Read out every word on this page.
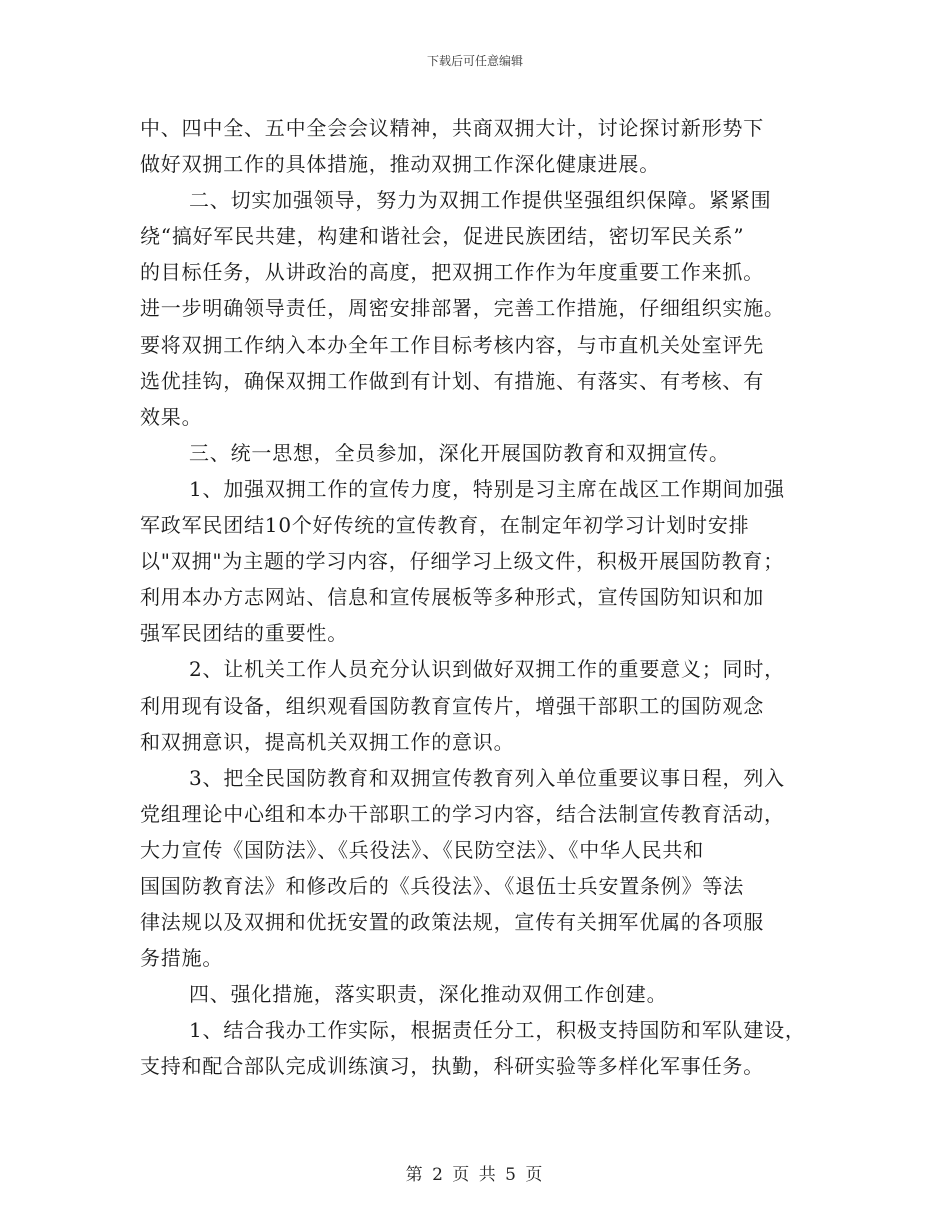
下载后可任意编辑
中、四中全、五中全会会议精神，共商双拥大计，讨论探讨新形势下
做好双拥工作的具体措施，推动双拥工作深化健康进展。
二、切实加强领导，努力为双拥工作提供坚强组织保障。紧紧围
绕“搞好军民共建，构建和谐社会，促进民族团结，密切军民关系”
的目标任务，从讲政治的高度，把双拥工作作为年度重要工作来抓。
进一步明确领导责任，周密安排部署，完善工作措施，仔细组织实施。
要将双拥工作纳入本办全年工作目标考核内容，与市直机关处室评先
选优挂钩，确保双拥工作做到有计划、有措施、有落实、有考核、有
效果。
三、统一思想，全员参加，深化开展国防教育和双拥宣传。
1、加强双拥工作的宣传力度，特别是习主席在战区工作期间加强
军政军民团结10个好传统的宣传教育，在制定年初学习计划时安排
以"双拥"为主题的学习内容，仔细学习上级文件，积极开展国防教育；
利用本办方志网站、信息和宣传展板等多种形式，宣传国防知识和加
强军民团结的重要性。
2、让机关工作人员充分认识到做好双拥工作的重要意义；同时，
利用现有设备，组织观看国防教育宣传片，增强干部职工的国防观念
和双拥意识，提高机关双拥工作的意识。
3、把全民国防教育和双拥宣传教育列入单位重要议事日程，列入
党组理论中心组和本办干部职工的学习内容，结合法制宣传教育活动，
大力宣传《国防法》、《兵役法》、《民防空法》、《中华人民共和
国国防教育法》和修改后的《兵役法》、《退伍士兵安置条例》等法
律法规以及双拥和优抚安置的政策法规，宣传有关拥军优属的各项服
务措施。
四、强化措施，落实职责，深化推动双佣工作创建。
1、结合我办工作实际，根据责任分工，积极支持国防和军队建设，
支持和配合部队完成训练演习，执勤，科研实验等多样化军事任务。
第 2 页 共 5 页
